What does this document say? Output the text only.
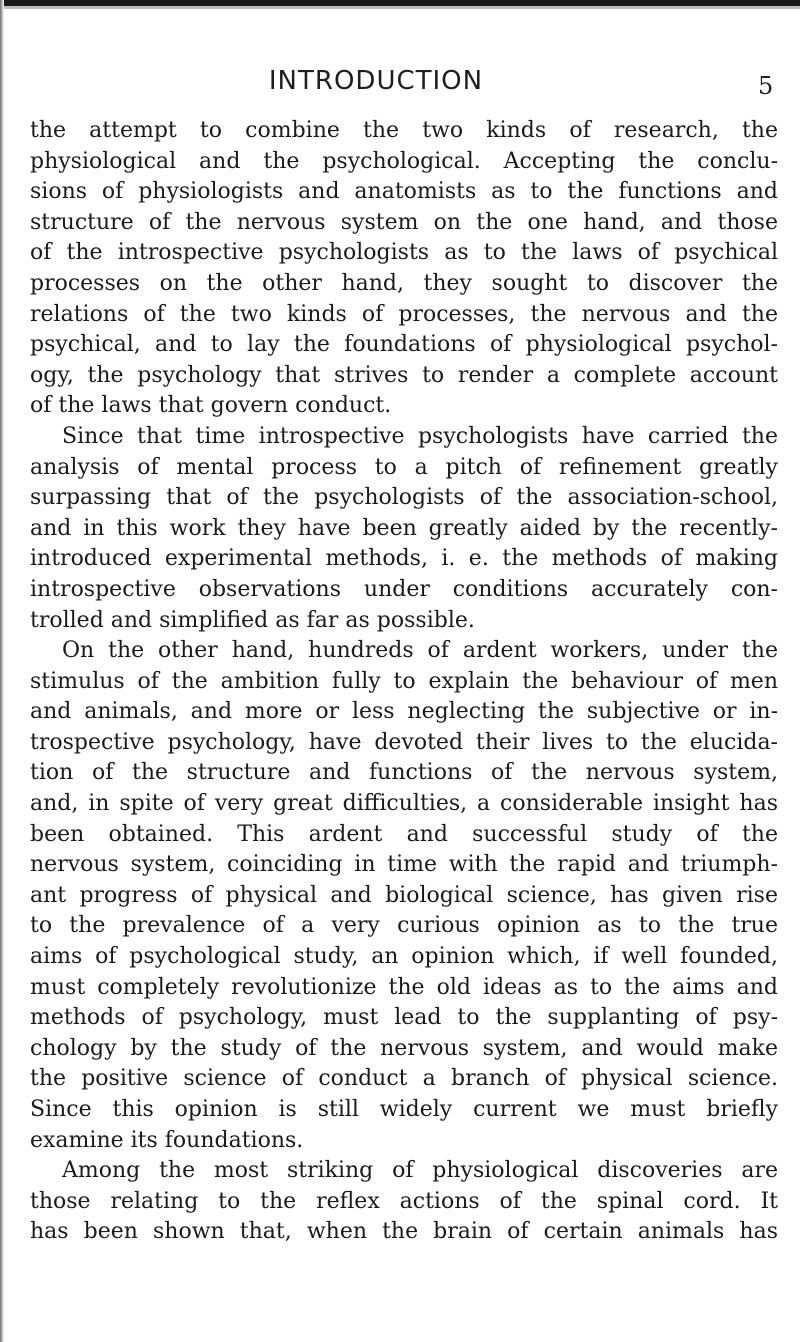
INTRODUCTION	5
the attempt to combine the two kinds of research, the
physiological and the psychological. Accepting the conclu-
sions of physiologists and anatomists as to the functions and
structure of the nervous system on the one hand, and those
of the introspective psychologists as to the laws of psychical
processes on the other hand, they sought to discover the
relations of the two kinds of processes, the nervous and the
psychical, and to lay the foundations of physiological psychol-
ogy, the psychology that strives to render a complete account
of the laws that govern conduct.
Since that time introspective psychologists have carried the
analysis of mental process to a pitch of refinement greatly
surpassing that of the psychologists of the association-school,
and in this work they have been greatly aided by the recently-
introduced experimental methods, i. e. the methods of making
introspective observations under conditions accurately con-
trolled and simplified as far as possible.
On the other hand, hundreds of ardent workers, under the
stimulus of the ambition fully to explain the behaviour of men
and animals, and more or less neglecting the subjective or in-
trospective psychology, have devoted their lives to the elucida-
tion of the structure and functions of the nervous system,
and, in spite of very great difficulties, a considerable insight has
been obtained. This ardent and successful study of the
nervous system, coinciding in time with the rapid and triumph-
ant progress of physical and biological science, has given rise
to the prevalence of a very curious opinion as to the true
aims of psychological study, an opinion which, if well founded,
must completely revolutionize the old ideas as to the aims and
methods of psychology, must lead to the supplanting of psy-
chology by the study of the nervous system, and would make
the positive science of conduct a branch of physical science.
Since this opinion is still widely current we must briefly
examine its foundations.
Among the most striking of physiological discoveries are
those relating to the reflex actions of the spinal cord. It
has been shown that, when the brain of certain animals has
